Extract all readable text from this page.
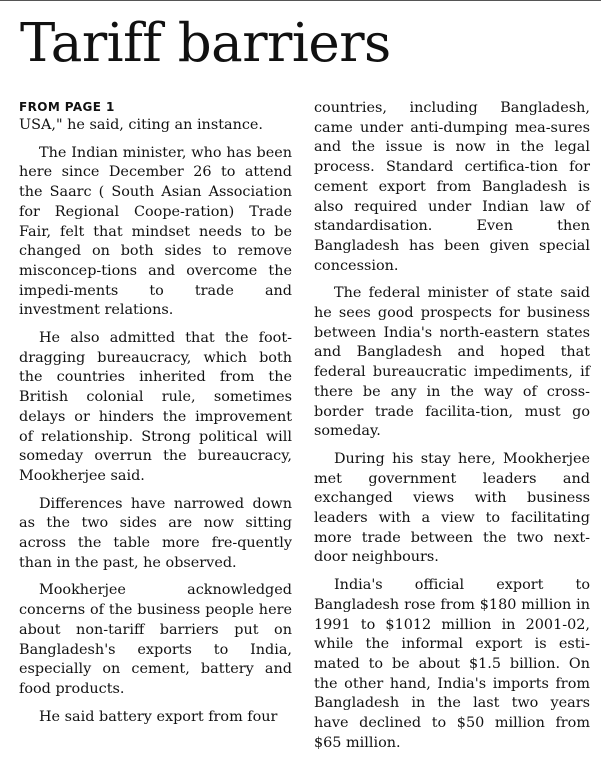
Tariff barriers
FROM PAGE 1

USA," he said, citing an instance.

The Indian minister, who has been here since December 26 to attend the Saarc ( South Asian Association for Regional Coope-ration) Trade Fair, felt that mindset needs to be changed on both sides to remove misconcep-tions and overcome the impedi-ments to trade and investment relations.

He also admitted that the foot-dragging bureaucracy, which both the countries inherited from the British colonial rule, sometimes delays or hinders the improvement of relationship. Strong political will someday overrun the bureaucracy, Mookherjee said.

Differences have narrowed down as the two sides are now sitting across the table more fre-quently than in the past, he observed.

Mookherjee acknowledged concerns of the business people here about non-tariff barriers put on Bangladesh's exports to India, especially on cement, battery and food products.

He said battery export from four

countries, including Bangladesh, came under anti-dumping mea-sures and the issue is now in the legal process. Standard certifica-tion for cement export from Bangladesh is also required under Indian law of standardisation. Even then Bangladesh has been given special concession.

The federal minister of state said he sees good prospects for business between India's north-eastern states and Bangladesh and hoped that federal bureaucratic impediments, if there be any in the way of cross-border trade facilita-tion, must go someday.

During his stay here, Mookherjee met government leaders and exchanged views with business leaders with a view to facilitating more trade between the two next-door neighbours.

India's official export to Bangladesh rose from $180 million in 1991 to $1012 million in 2001-02, while the informal export is esti-mated to be about $1.5 billion. On the other hand, India's imports from Bangladesh in the last two years have declined to $50 million from $65 million.
